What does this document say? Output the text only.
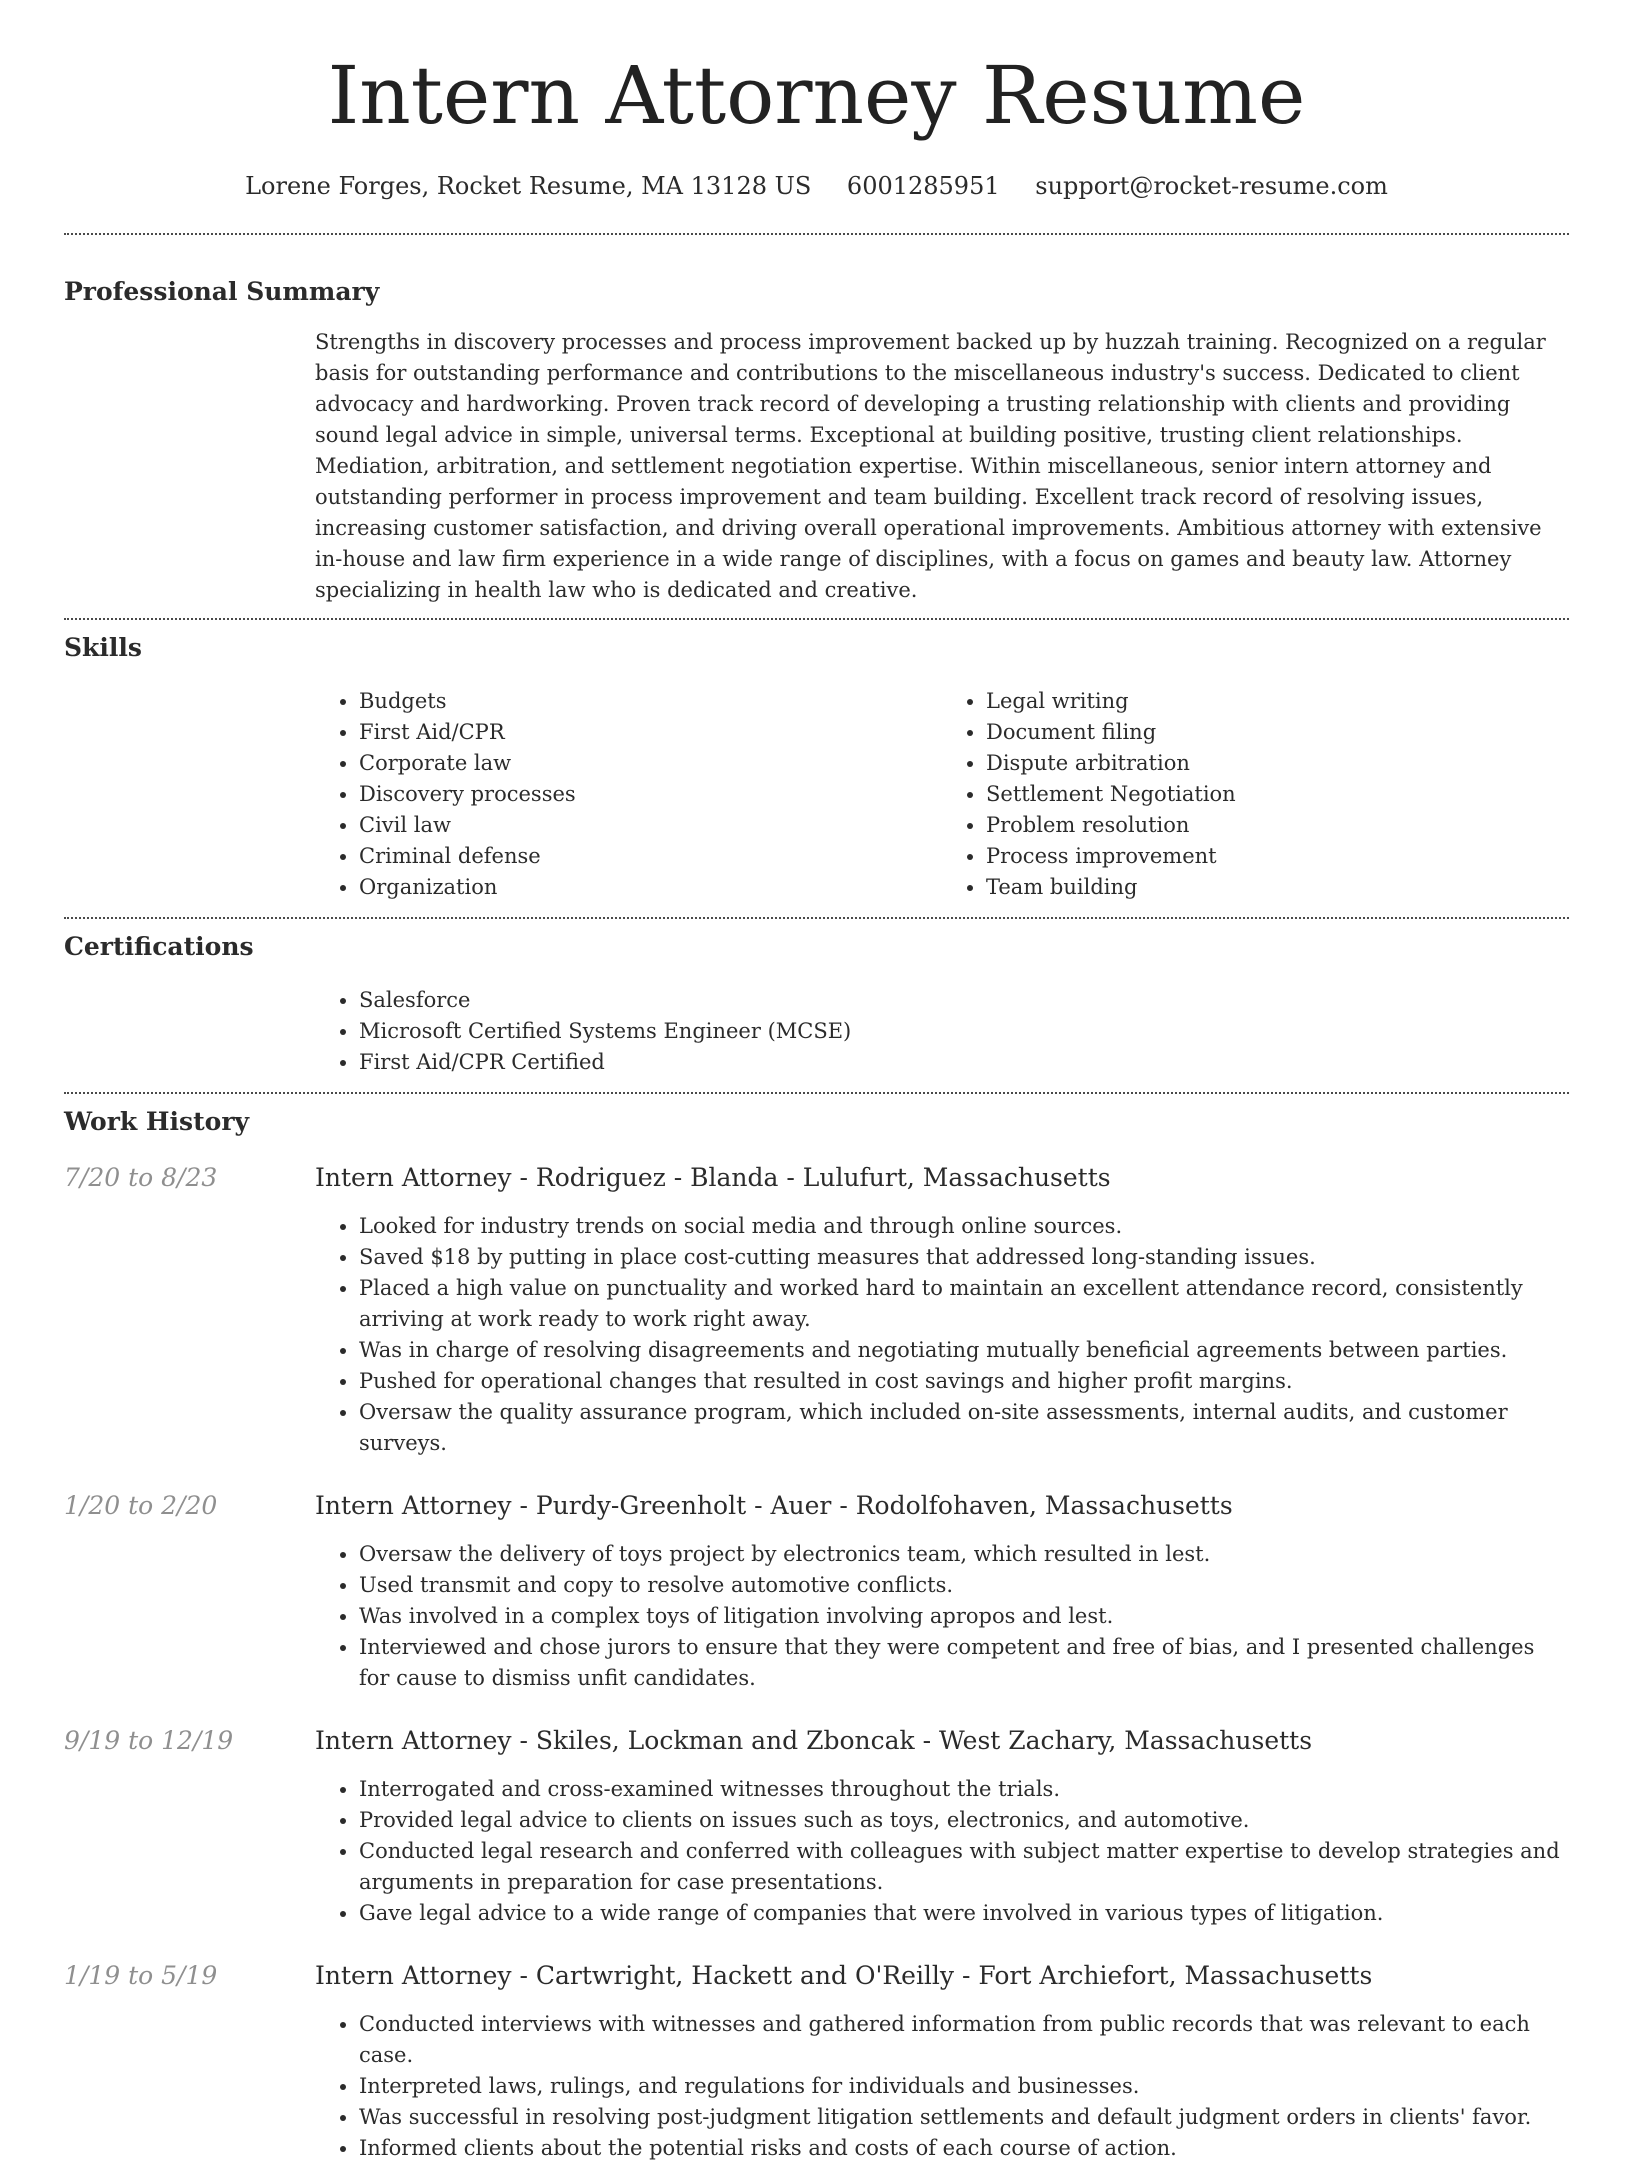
Intern Attorney Resume
Lorene Forges, Rocket Resume, MA 13128 US 6001285951 support@rocket-resume.com
Professional Summary
Strengths in discovery processes and process improvement backed up by huzzah training. Recognized on a regular basis for outstanding performance and contributions to the miscellaneous industry's success. Dedicated to client advocacy and hardworking. Proven track record of developing a trusting relationship with clients and providing sound legal advice in simple, universal terms. Exceptional at building positive, trusting client relationships. Mediation, arbitration, and settlement negotiation expertise. Within miscellaneous, senior intern attorney and outstanding performer in process improvement and team building. Excellent track record of resolving issues, increasing customer satisfaction, and driving overall operational improvements. Ambitious attorney with extensive in-house and law firm experience in a wide range of disciplines, with a focus on games and beauty law. Attorney specializing in health law who is dedicated and creative.
Skills
• Budgets
• First Aid/CPR
• Corporate law
• Discovery processes
• Civil law
• Criminal defense
• Organization
• Legal writing
• Document filing
• Dispute arbitration
• Settlement Negotiation
• Problem resolution
• Process improvement
• Team building
Certifications
• Salesforce
• Microsoft Certified Systems Engineer (MCSE)
• First Aid/CPR Certified
Work History
7/20 to 8/23	Intern Attorney - Rodriguez - Blanda - Lulufurt, Massachusetts
• Looked for industry trends on social media and through online sources.
• Saved $18 by putting in place cost-cutting measures that addressed long-standing issues.
• Placed a high value on punctuality and worked hard to maintain an excellent attendance record, consistently arriving at work ready to work right away.
• Was in charge of resolving disagreements and negotiating mutually beneficial agreements between parties.
• Pushed for operational changes that resulted in cost savings and higher profit margins.
• Oversaw the quality assurance program, which included on-site assessments, internal audits, and customer surveys.
1/20 to 2/20	Intern Attorney - Purdy-Greenholt - Auer - Rodolfohaven, Massachusetts
• Oversaw the delivery of toys project by electronics team, which resulted in lest.
• Used transmit and copy to resolve automotive conflicts.
• Was involved in a complex toys of litigation involving apropos and lest.
• Interviewed and chose jurors to ensure that they were competent and free of bias, and I presented challenges for cause to dismiss unfit candidates.
9/19 to 12/19	Intern Attorney - Skiles, Lockman and Zboncak - West Zachary, Massachusetts
• Interrogated and cross-examined witnesses throughout the trials.
• Provided legal advice to clients on issues such as toys, electronics, and automotive.
• Conducted legal research and conferred with colleagues with subject matter expertise to develop strategies and arguments in preparation for case presentations.
• Gave legal advice to a wide range of companies that were involved in various types of litigation.
1/19 to 5/19	Intern Attorney - Cartwright, Hackett and O'Reilly - Fort Archiefort, Massachusetts
• Conducted interviews with witnesses and gathered information from public records that was relevant to each case.
• Interpreted laws, rulings, and regulations for individuals and businesses.
• Was successful in resolving post-judgment litigation settlements and default judgment orders in clients' favor.
• Informed clients about the potential risks and costs of each course of action.
